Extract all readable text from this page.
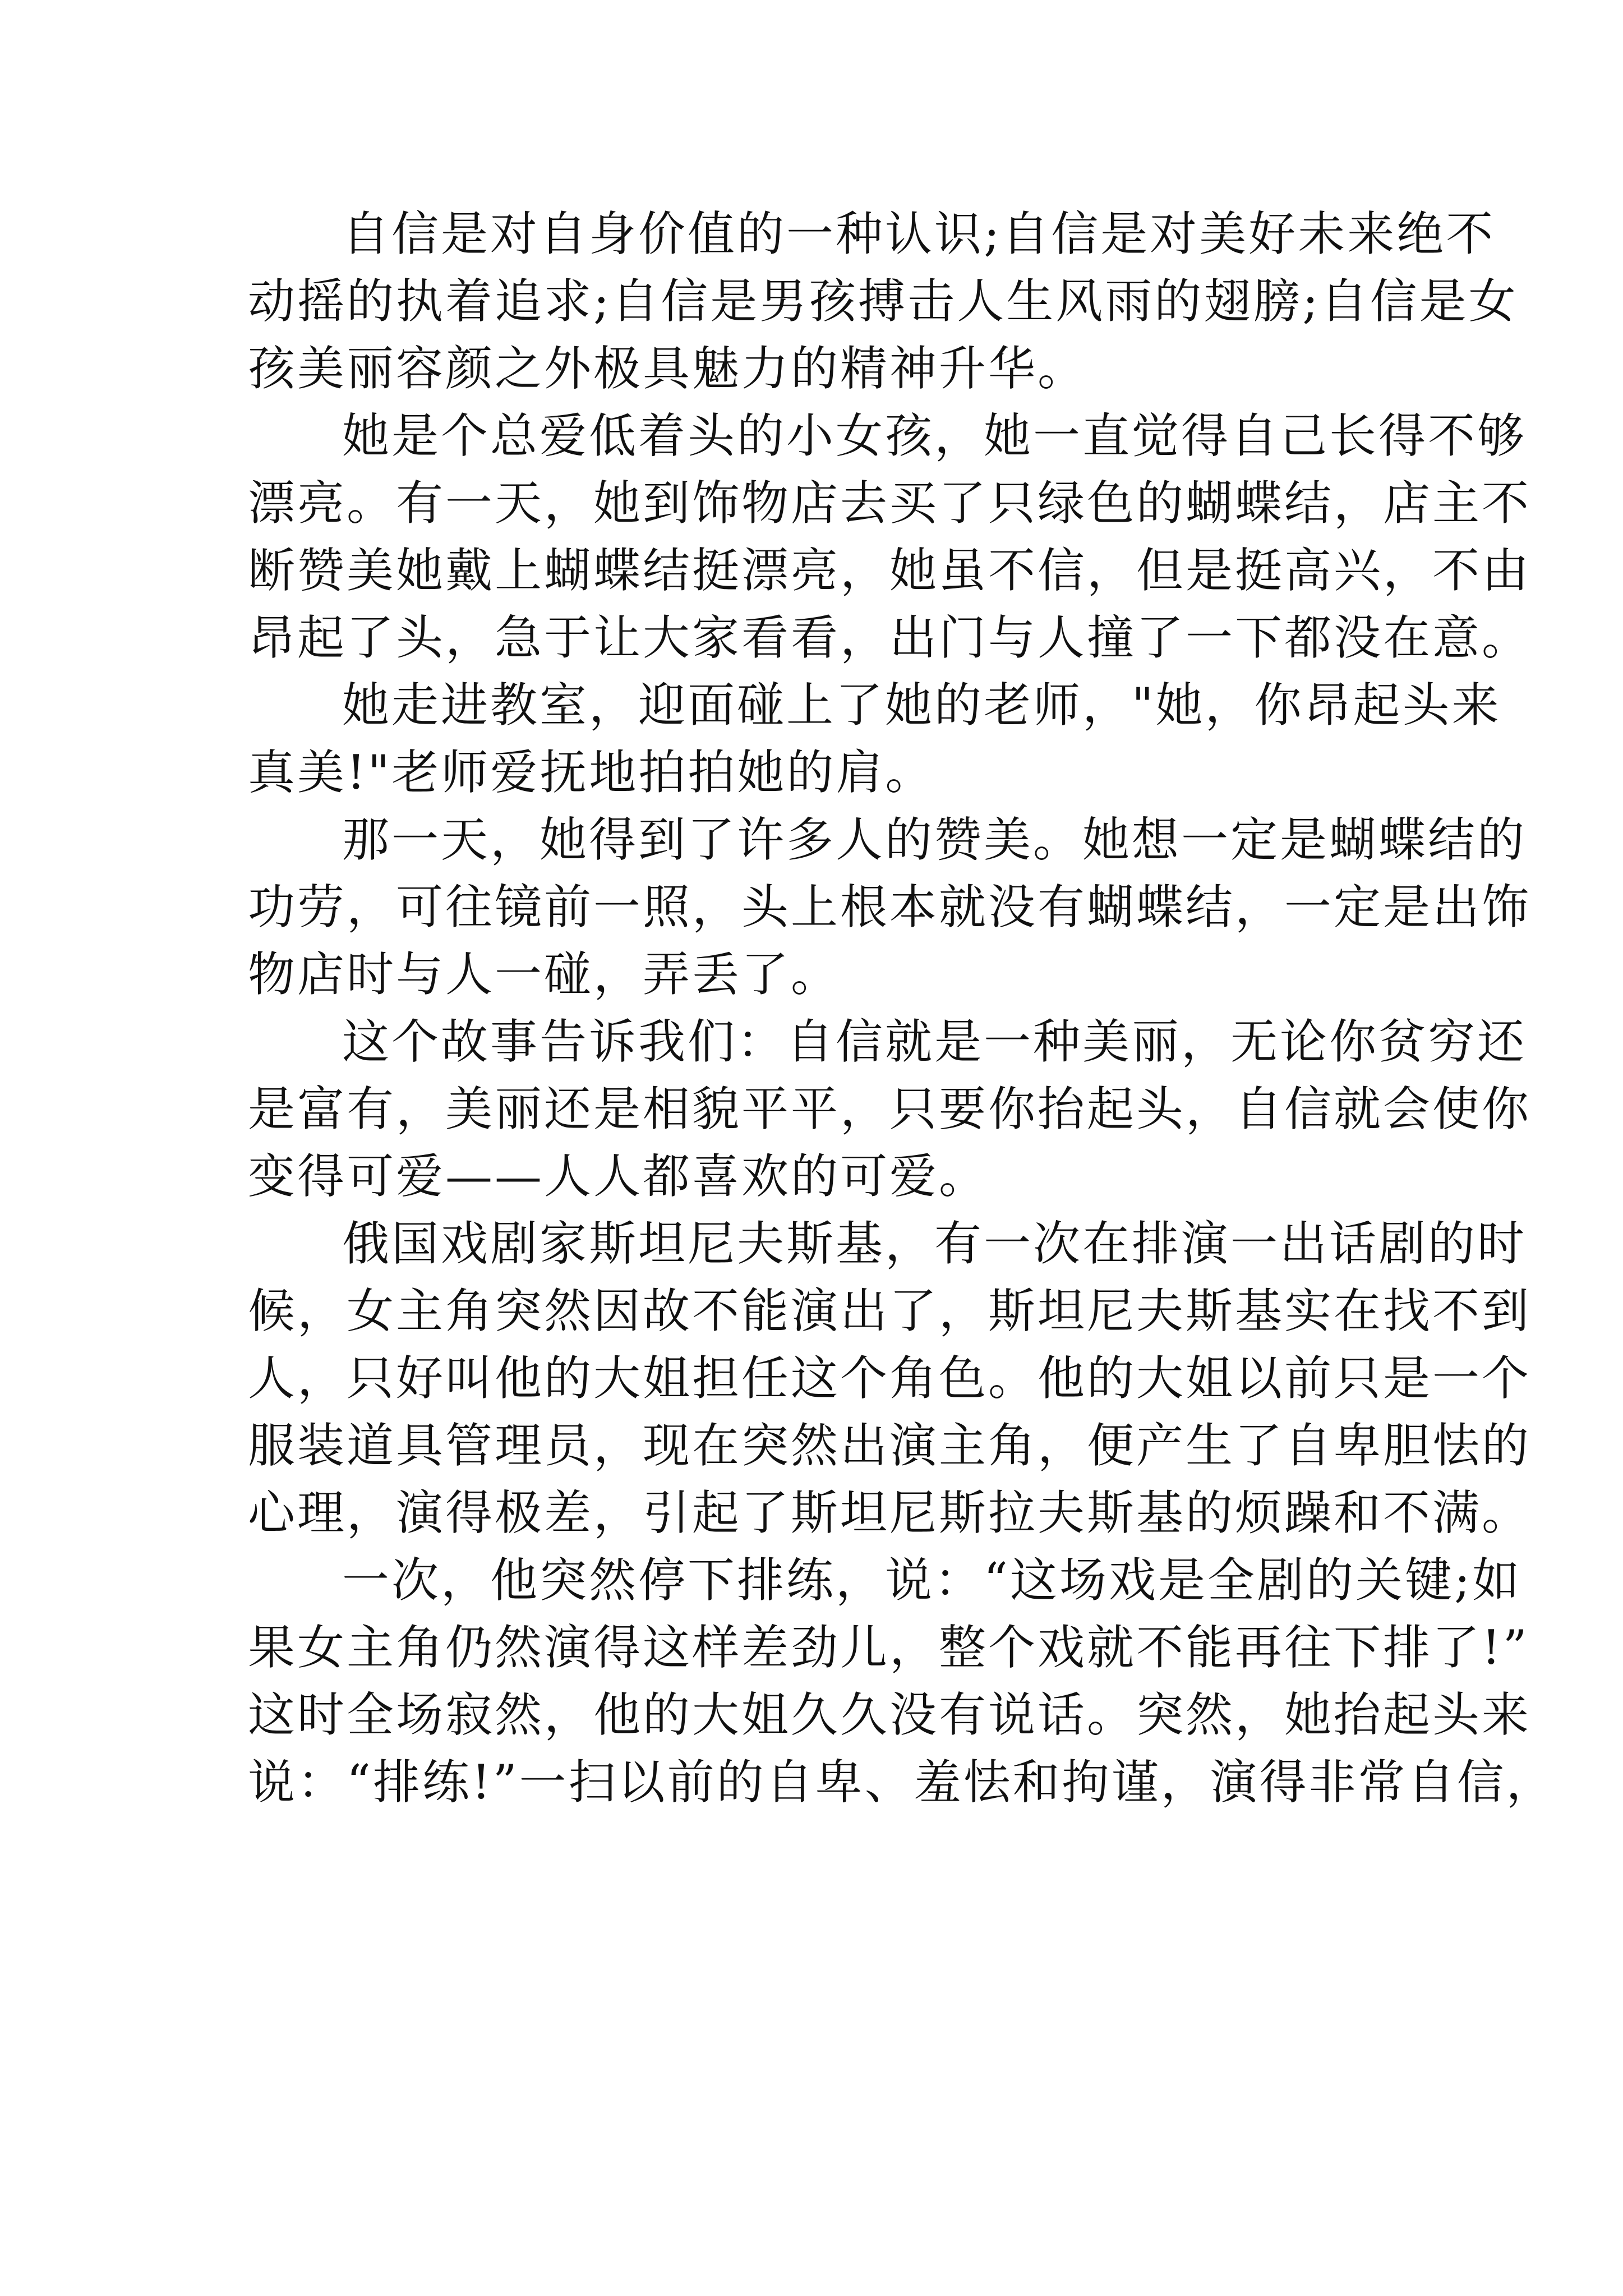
自信是对自身价值的一种认识;自信是对美好未来绝不
动摇的执着追求;自信是男孩搏击人生风雨的翅膀;自信是女
孩美丽容颜之外极具魅力的精神升华。
她是个总爱低着头的小女孩，她一直觉得自己长得不够
漂亮。有一天，她到饰物店去买了只绿色的蝴蝶结，店主不
断赞美她戴上蝴蝶结挺漂亮，她虽不信，但是挺高兴，不由
昂起了头，急于让大家看看，出门与人撞了一下都没在意。
她走进教室，迎面碰上了她的老师，"她，你昂起头来
真美!"老师爱抚地拍拍她的肩。
那一天，她得到了许多人的赞美。她想一定是蝴蝶结的
功劳，可往镜前一照，头上根本就没有蝴蝶结，一定是出饰
物店时与人一碰，弄丢了。
这个故事告诉我们：自信就是一种美丽，无论你贫穷还
是富有，美丽还是相貌平平，只要你抬起头，自信就会使你
变得可爱——人人都喜欢的可爱。
俄国戏剧家斯坦尼夫斯基，有一次在排演一出话剧的时
候，女主角突然因故不能演出了，斯坦尼夫斯基实在找不到
人，只好叫他的大姐担任这个角色。他的大姐以前只是一个
服装道具管理员，现在突然出演主角，便产生了自卑胆怯的
心理，演得极差，引起了斯坦尼斯拉夫斯基的烦躁和不满。
一次，他突然停下排练，说：“这场戏是全剧的关键;如
果女主角仍然演得这样差劲儿，整个戏就不能再往下排了!”
这时全场寂然，他的大姐久久没有说话。突然，她抬起头来
说：“排练!”一扫以前的自卑、羞怯和拘谨，演得非常自信，
